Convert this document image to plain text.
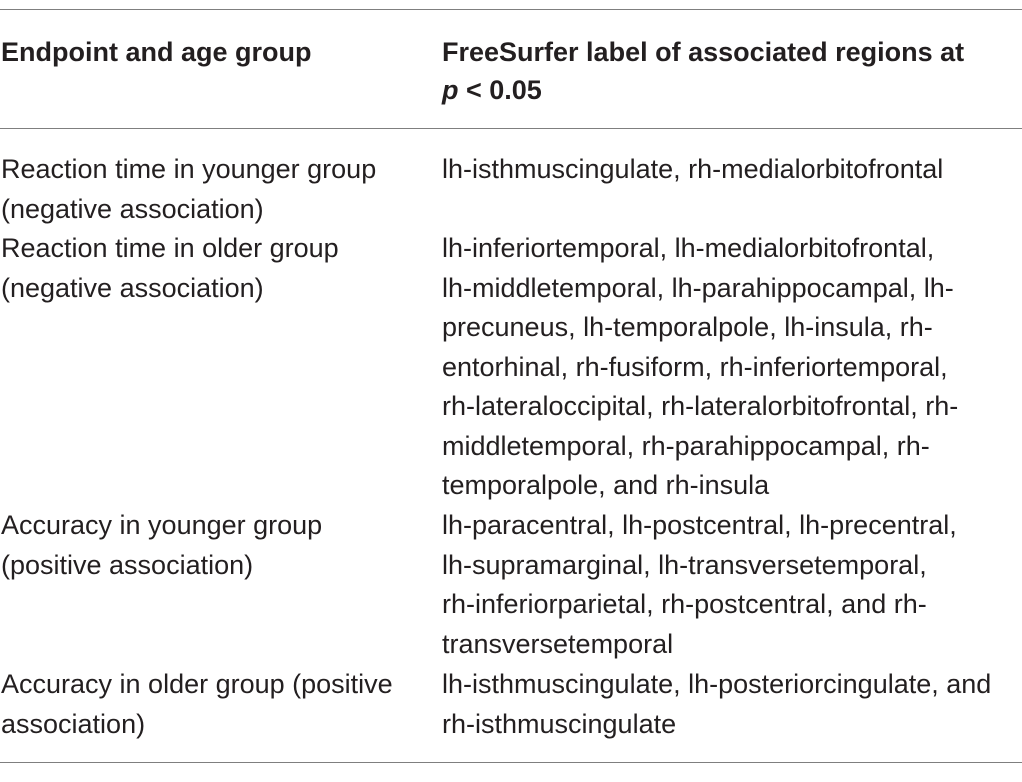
Endpoint and age group	FreeSurfer label of associated regions at
p < 0.05
Reaction time in younger group
(negative association)
lh-isthmuscingulate, rh-medialorbitofrontal
Reaction time in older group
(negative association)
lh-inferiortemporal, lh-medialorbitofrontal,
lh-middletemporal, lh-parahippocampal, lh-
precuneus, lh-temporalpole, lh-insula, rh-
entorhinal, rh-fusiform, rh-inferiortemporal,
rh-lateraloccipital, rh-lateralorbitofrontal, rh-
middletemporal, rh-parahippocampal, rh-
temporalpole, and rh-insula
Accuracy in younger group
(positive association)
lh-paracentral, lh-postcentral, lh-precentral,
lh-supramarginal, lh-transversetemporal,
rh-inferiorparietal, rh-postcentral, and rh-
transversetemporal
Accuracy in older group (positive
association)
lh-isthmuscingulate, lh-posteriorcingulate, and
rh-isthmuscingulate
